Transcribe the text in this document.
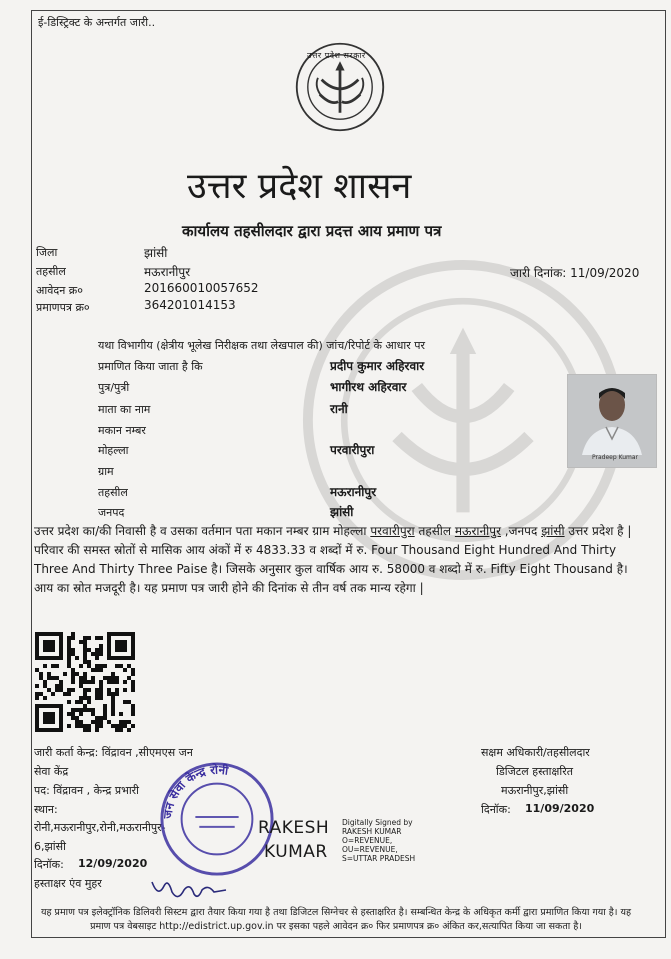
ई-डिस्ट्रिक्ट के अन्तर्गत जारी..
उत्तर प्रदेश सरकार
उत्तर प्रदेश शासन
कार्यालय तहसीलदार द्वारा प्रदत्त आय प्रमाण पत्र
जिला	झांसी
तहसील	मऊरानीपुर
आवेदन क्र०	201660010057652
प्रमाणपत्र क्र०	364201014153
जारी दिनांक: 11/09/2020
यथा विभागीय (क्षेत्रीय भूलेख निरीक्षक तथा लेखपाल की) जांच/रिपोर्ट के आधार पर
प्रमाणित किया जाता है कि	प्रदीप कुमार अहिरवार
पुत्र/पुत्री	भागीरथ अहिरवार
माता का नाम	रानी
मकान नम्बर
मोहल्ला	परवारीपुरा
ग्राम
तहसील	मऊरानीपुर
जनपद	झांसी
Pradeep Kumar
उत्तर प्रदेश का/की निवासी है व उसका वर्तमान पता मकान नम्बर ग्राम मोहल्ला परवारीपुरा तहसील मऊरानीपुर ,जनपद झांसी उत्तर प्रदेश है | परिवार की समस्त स्रोतों से मासिक आय अंकों में रु 4833.33 व शब्दों में रु. Four Thousand Eight Hundred And Thirty Three And Thirty Three Paise है। जिसके अनुसार कुल वार्षिक आय रु. 58000 व शब्दो में रु. Fifty Eight Thousand है। आय का स्रोत मजदूरी है। यह प्रमाण पत्र जारी होने की दिनांक से तीन वर्ष तक मान्य रहेगा |
जारी कर्ता केन्द्र: विंद्रावन ,सीएमएस जन
सेवा केंद्र
पद: विंद्रावन , केन्द्र प्रभारी
स्थान:
रोनी,मऊरानीपुर,रोनी,मऊरानीपुर-
6,झांसी
दिनॉक: 12/09/2020
हस्ताक्षर एंव मुहर
जन सेवा केन्द्र रोनी
RAKESH
KUMAR
Digitally Signed by
RAKESH KUMAR
O=REVENUE,
OU=REVENUE,
S=UTTAR PRADESH
सक्षम अधिकारी/तहसीलदार
डिजिटल हस्ताक्षरित
मऊरानीपुर,झांसी
दिनॉक: 11/09/2020
यह प्रमाण पत्र इलेक्ट्रॉनिक डिलिवरी सिस्टम द्वारा तैयार किया गया है तथा डिजिटल सिग्नेचर से हस्ताक्षरित है। सम्बन्धित केन्द्र के अधिकृत कर्मी द्वारा प्रमाणित किया गया है। यह प्रमाण पत्र वेबसाइट http://edistrict.up.gov.in पर इसका पहले आवेदन क्र० फिर प्रमाणपत्र क्र० अंकित कर,सत्यापित किया जा सकता है।
